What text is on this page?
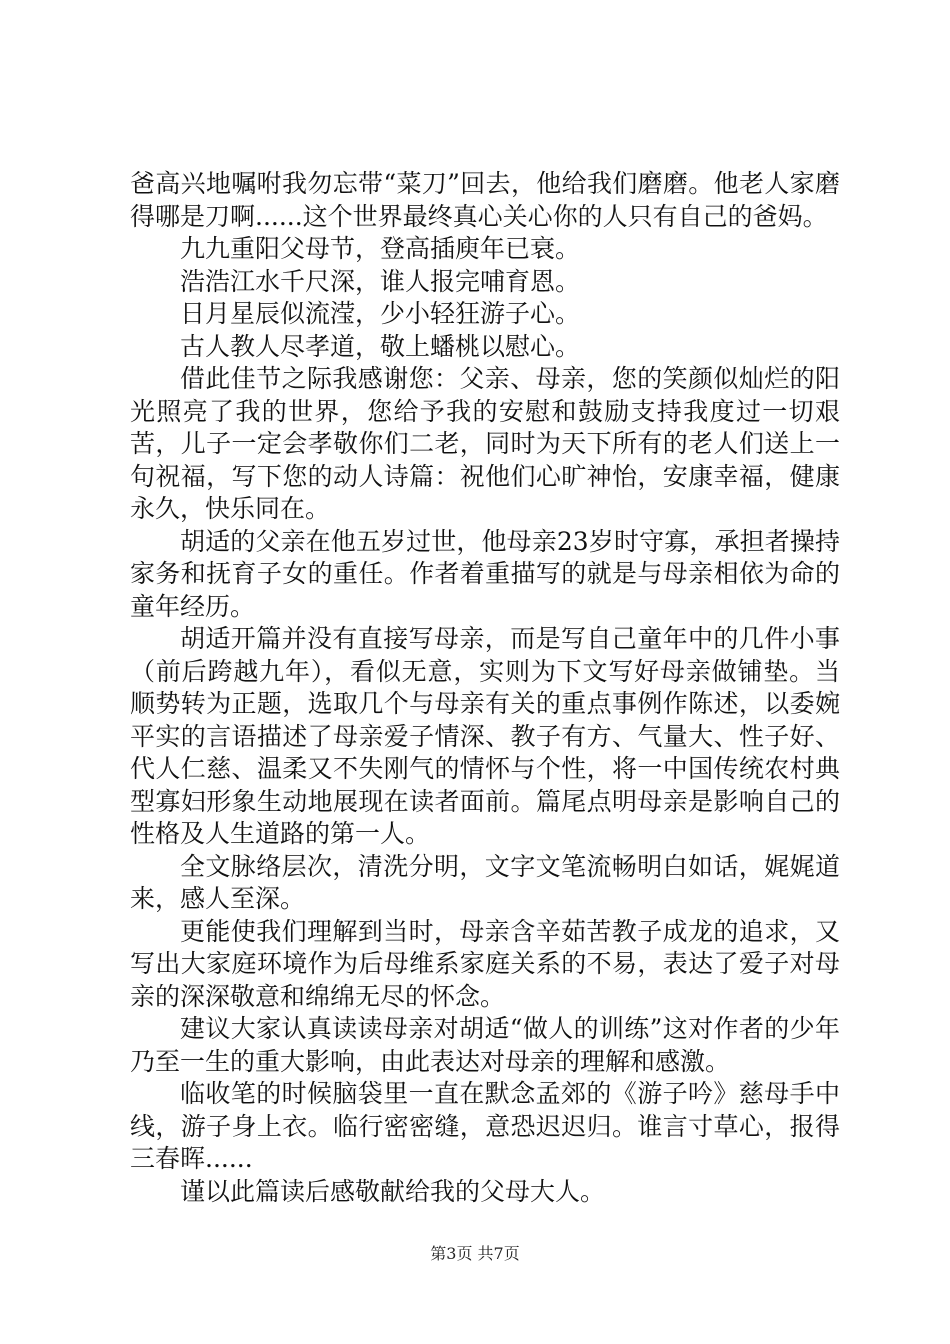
爸高兴地嘱咐我勿忘带“菜刀”回去，他给我们磨磨。他老人家磨得哪是刀啊......这个世界最终真心关心你的人只有自己的爸妈。

九九重阳父母节，登高插庾年已衰。

浩浩江水千尺深，谁人报完哺育恩。

日月星辰似流滢，少小轻狂游子心。

古人教人尽孝道，敬上蟠桃以慰心。

借此佳节之际我感谢您：父亲、母亲，您的笑颜似灿烂的阳光照亮了我的世界，您给予我的安慰和鼓励支持我度过一切艰苦，儿子一定会孝敬你们二老，同时为天下所有的老人们送上一句祝福，写下您的动人诗篇：祝他们心旷神怡，安康幸福，健康永久，快乐同在。

胡适的父亲在他五岁过世，他母亲23岁时守寡，承担者操持家务和抚育子女的重任。作者着重描写的就是与母亲相依为命的童年经历。

胡适开篇并没有直接写母亲，而是写自己童年中的几件小事（前后跨越九年），看似无意，实则为下文写好母亲做铺垫。当顺势转为正题，选取几个与母亲有关的重点事例作陈述，以委婉平实的言语描述了母亲爱子情深、教子有方、气量大、性子好、代人仁慈、温柔又不失刚气的情怀与个性，将一中国传统农村典型寡妇形象生动地展现在读者面前。篇尾点明母亲是影响自己的性格及人生道路的第一人。

全文脉络层次，清洗分明，文字文笔流畅明白如话，娓娓道来，感人至深。

更能使我们理解到当时，母亲含辛茹苦教子成龙的追求，又写出大家庭环境作为后母维系家庭关系的不易，表达了爱子对母亲的深深敬意和绵绵无尽的怀念。

建议大家认真读读母亲对胡适“做人的训练”这对作者的少年乃至一生的重大影响，由此表达对母亲的理解和感激。

临收笔的时候脑袋里一直在默念孟郊的《游子吟》慈母手中线，游子身上衣。临行密密缝，意恐迟迟归。谁言寸草心，报得三春晖......

谨以此篇读后感敬献给我的父母大人。

第3页 共7页
